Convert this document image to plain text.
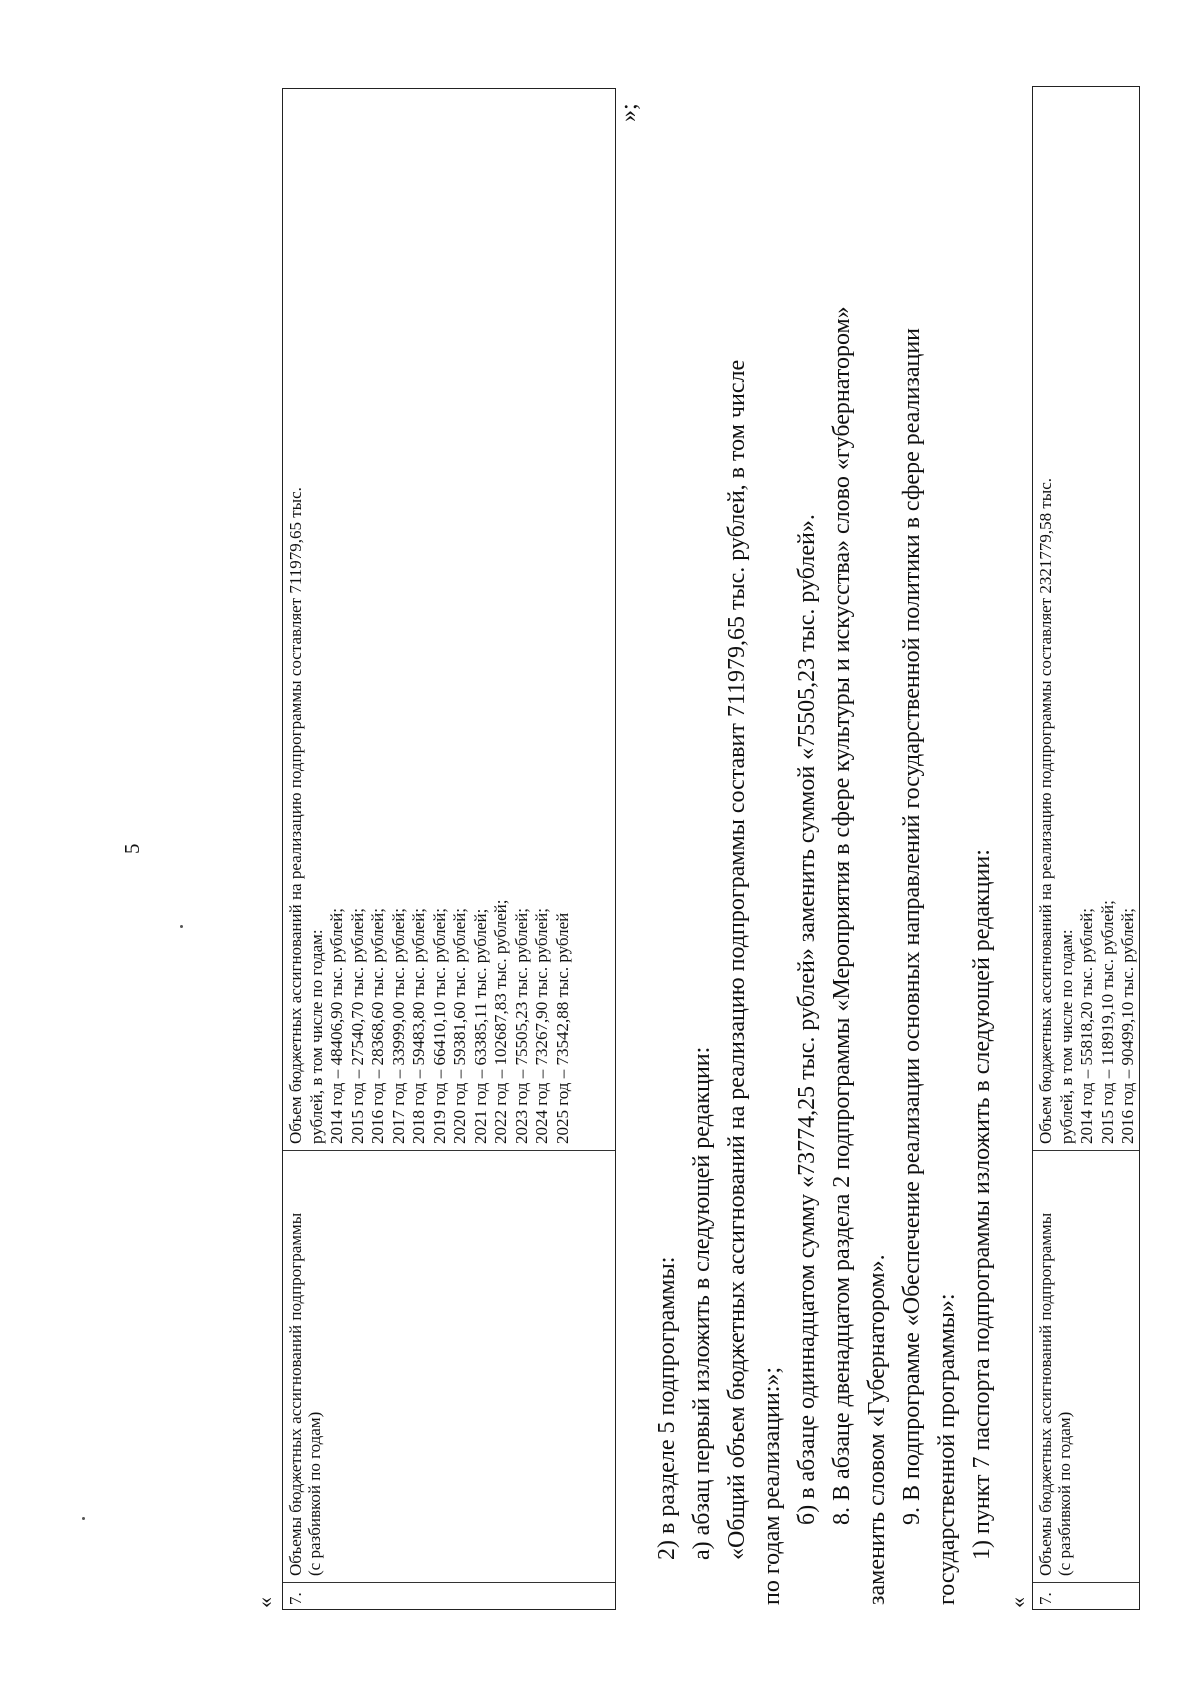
5
« 7.
Объемы бюджетных ассигнований подпрограммы (с разбивкой по годам)
Объем бюджетных ассигнований на реализацию подпрограммы составляет 711979,65 тыс. рублей, в том числе по годам: 2014 год – 48406,90 тыс. рублей; 2015 год – 27540,70 тыс. рублей; 2016 год – 28368,60 тыс. рублей; 2017 год – 33999,00 тыс. рублей; 2018 год – 59483,80 тыс. рублей; 2019 год – 66410,10 тыс. рублей; 2020 год – 59381,60 тыс. рублей; 2021 год – 63385,11 тыс. рублей; 2022 год – 102687,83 тыс. рублей; 2023 год – 75505,23 тыс. рублей; 2024 год – 73267,90 тыс. рублей; 2025 год – 73542,88 тыс. рублей
»;
2) в разделе 5 подпрограммы: а) абзац первый изложить в следующей редакции: «Общий объем бюджетных ассигнований на реализацию подпрограммы составит 711979,65 тыс. рублей, в том числе по годам реализации:»; б) в абзаце одиннадцатом сумму «73774,25 тыс. рублей» заменить суммой «75505,23 тыс. рублей». 8. В абзаце двенадцатом раздела 2 подпрограммы «Мероприятия в сфере культуры и искусства» слово «губернатором» заменить словом «Губернатором». 9. В подпрограмме «Обеспечение реализации основных направлений государственной политики в сфере реализации государственной программы»: 1) пункт 7 паспорта подпрограммы изложить в следующей редакции:
« 7.
Объемы бюджетных ассигнований подпрограммы (с разбивкой по годам)
Объем бюджетных ассигнований на реализацию подпрограммы составляет 2321779,58 тыс. рублей, в том числе по годам: 2014 год – 55818,20 тыс. рублей; 2015 год – 118919,10 тыс. рублей; 2016 год – 90499,10 тыс. рублей;
